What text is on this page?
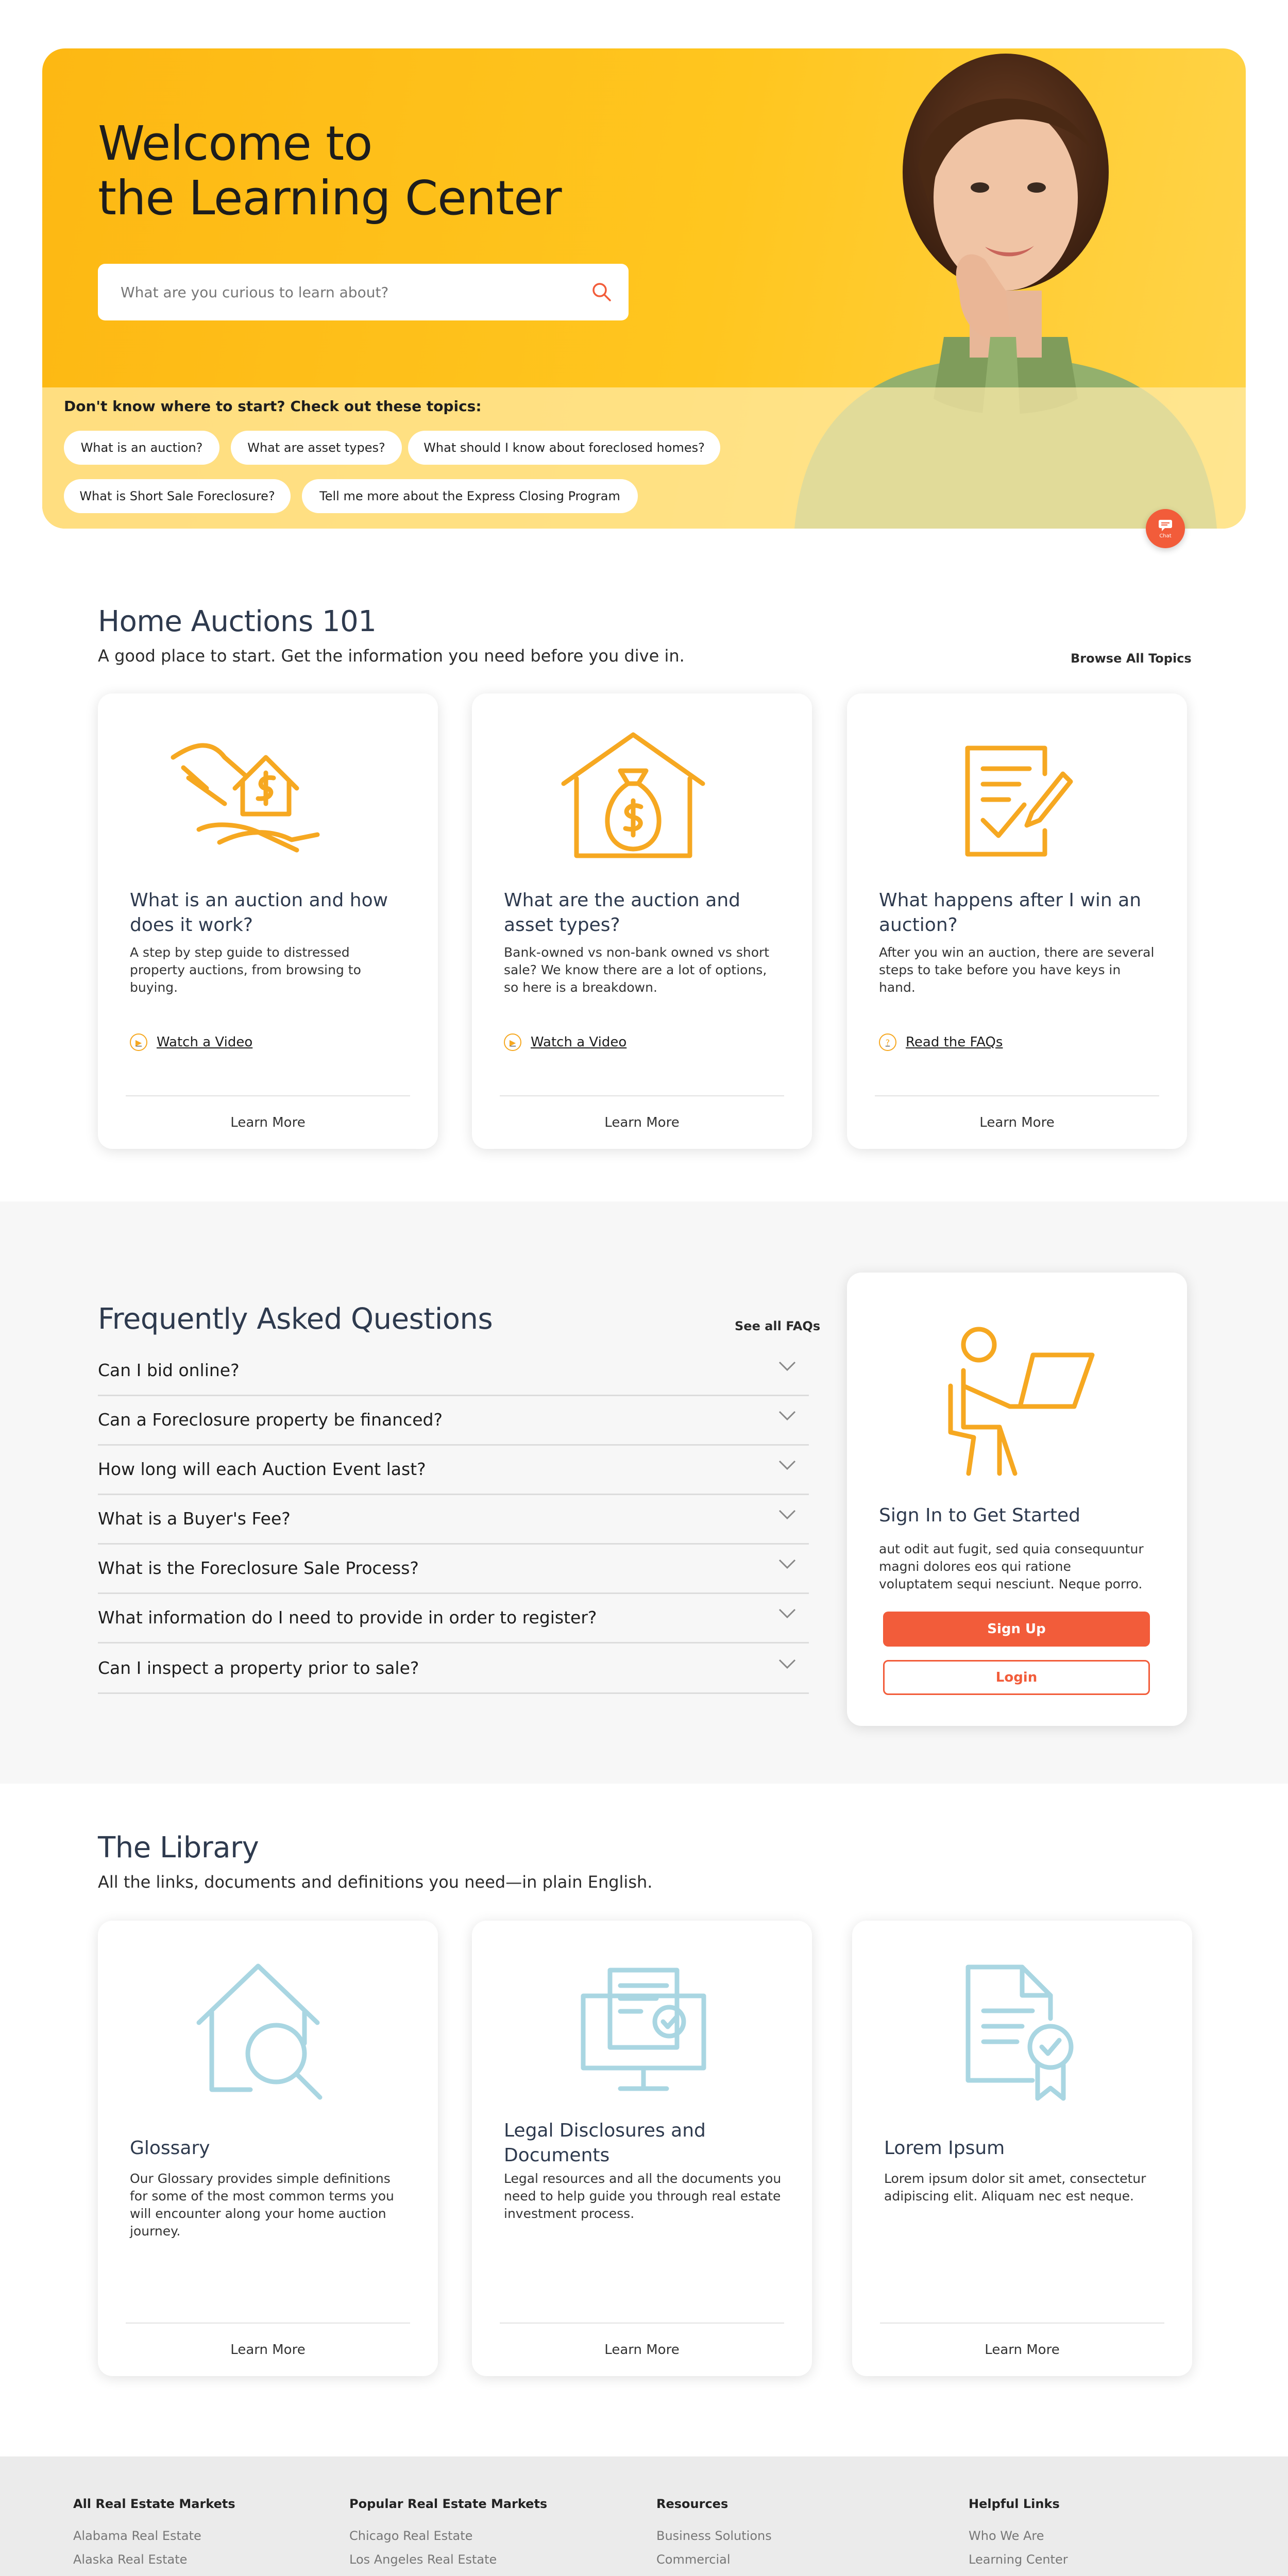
Welcome to
the Learning Center
What are you curious to learn about?
Don't know where to start? Check out these topics:
What is an auction?	What are asset types?	What should I know about foreclosed homes?
What is Short Sale Foreclosure?	Tell me more about the Express Closing Program
Chat
Home Auctions 101
A good place to start. Get the information you need before you dive in.	Browse All Topics
What is an auction and how does it work?
A step by step guide to distressed property auctions, from browsing to buying.
▶	Watch a Video
Learn More
What are the auction and asset types?
Bank-owned vs non-bank owned vs short sale? We know there are a lot of options, so here is a breakdown.
▶	Watch a Video
Learn More
What happens after I win an auction?
After you win an auction, there are several steps to take before you have keys in hand.
?	Read the FAQs
Learn More
Frequently Asked Questions	See all FAQs
Can I bid online?
Can a Foreclosure property be financed?
How long will each Auction Event last?
What is a Buyer's Fee?
What is the Foreclosure Sale Process?
What information do I need to provide in order to register?
Can I inspect a property prior to sale?
Sign In to Get Started
aut odit aut fugit, sed quia consequuntur magni dolores eos qui ratione voluptatem sequi nesciunt. Neque porro.
Sign Up
Login
The Library
All the links, documents and definitions you need—in plain English.
Glossary
Our Glossary provides simple definitions for some of the most common terms you will encounter along your home auction journey.
Learn More
Legal Disclosures and Documents
Legal resources and all the documents you need to help guide you through real estate investment process.
Learn More
Lorem Ipsum
Lorem ipsum dolor sit amet, consectetur adipiscing elit. Aliquam nec est neque.
Learn More
All Real Estate Markets
Alabama Real Estate
Alaska Real Estate
Popular Real Estate Markets
Chicago Real Estate
Los Angeles Real Estate
Resources
Business Solutions
Commercial
Helpful Links
Who We Are
Learning Center
